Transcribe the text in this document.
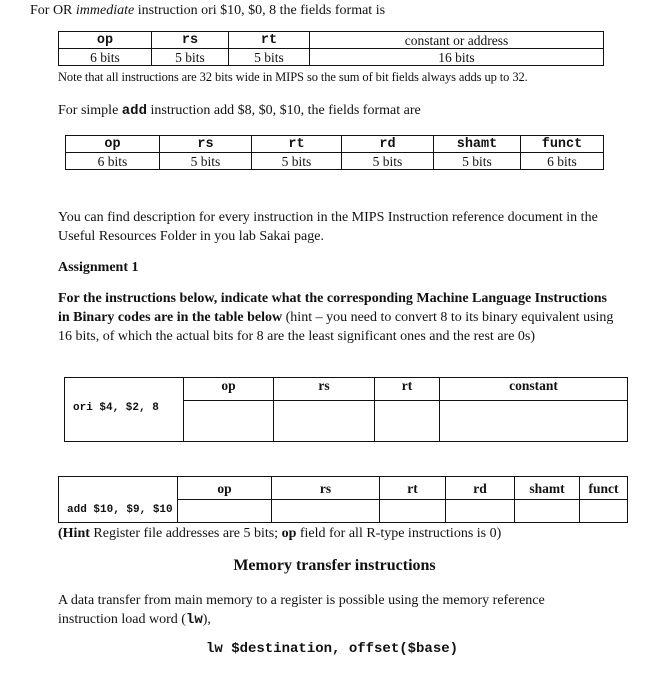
For OR immediate instruction ori $10, $0, 8 the fields format is
op	rs	rt	constant or address
6 bits	5 bits	5 bits	16 bits
Note that all instructions are 32 bits wide in MIPS so the sum of bit fields always adds up to 32.
For simple add instruction add $8, $0, $10, the fields format are
op	rs	rt	rd	shamt	funct
6 bits	5 bits	5 bits	5 bits	5 bits	6 bits
You can find description for every instruction in the MIPS Instruction reference document in the Useful Resources Folder in you lab Sakai page.
Assignment 1
For the instructions below, indicate what the corresponding Machine Language Instructions in Binary codes are in the table below (hint – you need to convert 8 to its binary equivalent using 16 bits, of which the actual bits for 8 are the least significant ones and the rest are 0s)
	op	rs	rt	constant
ori $4, $2, 8				
	op	rs	rt	rd	shamt	funct
add $10, $9, $10						
(Hint Register file addresses are 5 bits; op field for all R-type instructions is 0)
Memory transfer instructions
A data transfer from main memory to a register is possible using the memory reference instruction load word (lw),
lw $destination, offset($base)
